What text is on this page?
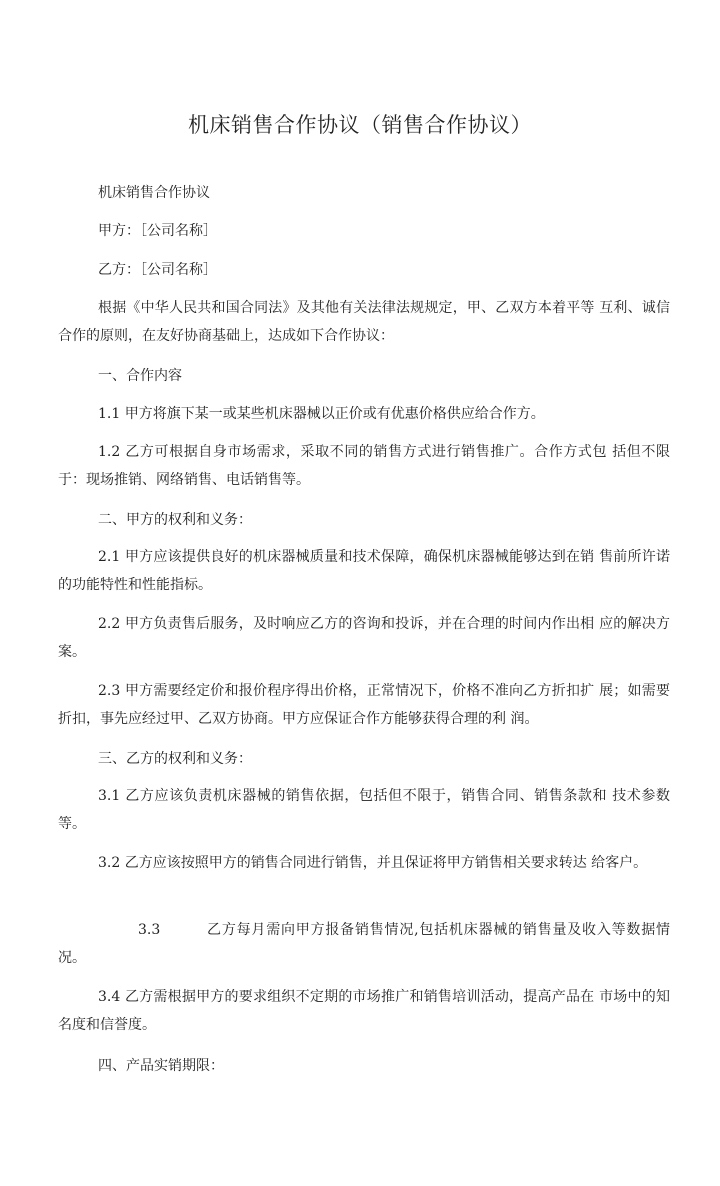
机床销售合作协议（销售合作协议）

机床销售合作协议

甲方：［公司名称］

乙方：［公司名称］

根据《中华人民共和国合同法》及其他有关法律法规规定，甲、乙双方本着平等 互利、诚信合作的原则，在友好协商基础上，达成如下合作协议：

一、合作内容

1.1 甲方将旗下某一或某些机床器械以正价或有优惠价格供应给合作方。

1.2 乙方可根据自身市场需求，采取不同的销售方式进行销售推广。合作方式包 括但不限于：现场推销、网络销售、电话销售等。

二、甲方的权利和义务：

2.1 甲方应该提供良好的机床器械质量和技术保障，确保机床器械能够达到在销 售前所许诺的功能特性和性能指标。

2.2 甲方负责售后服务，及时响应乙方的咨询和投诉，并在合理的时间内作出相 应的解决方案。

2.3 甲方需要经定价和报价程序得出价格，正常情况下，价格不准向乙方折扣扩 展；如需要折扣，事先应经过甲、乙双方协商。甲方应保证合作方能够获得合理的利 润。

三、乙方的权利和义务：

3.1 乙方应该负责机床器械的销售依据，包括但不限于，销售合同、销售条款和 技术参数等。

3.2 乙方应该按照甲方的销售合同进行销售，并且保证将甲方销售相关要求转达 给客户。

3.3	乙方每月需向甲方报备销售情况,包括机床器械的销售量及收入等数据情况。

3.4 乙方需根据甲方的要求组织不定期的市场推广和销售培训活动，提高产品在 市场中的知名度和信誉度。

四、产品实销期限：
